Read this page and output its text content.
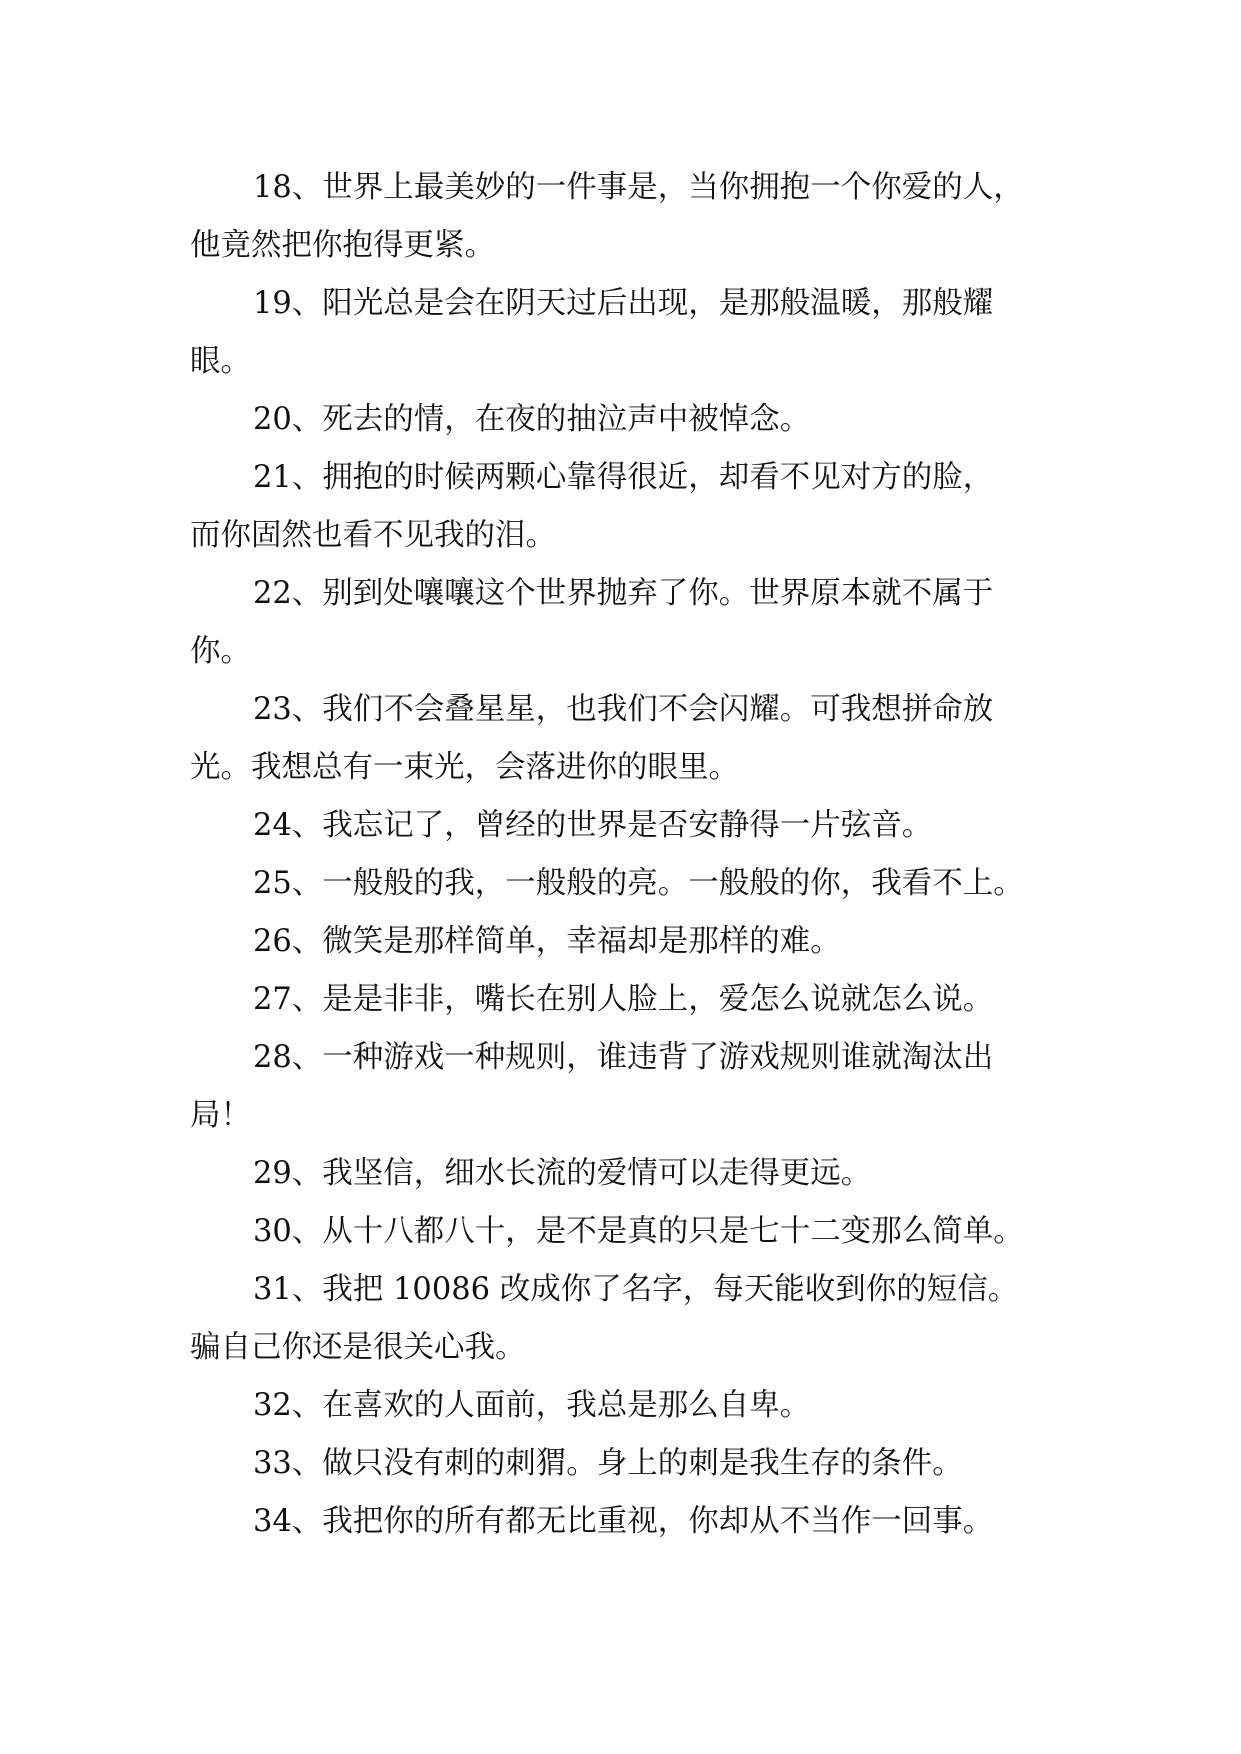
18、世界上最美妙的一件事是，当你拥抱一个你爱的人，
他竟然把你抱得更紧。
19、阳光总是会在阴天过后出现，是那般温暖，那般耀
眼。
20、死去的情，在夜的抽泣声中被悼念。
21、拥抱的时候两颗心靠得很近，却看不见对方的脸，
而你固然也看不见我的泪。
22、别到处嚷嚷这个世界抛弃了你。世界原本就不属于
你。
23、我们不会叠星星，也我们不会闪耀。可我想拼命放
光。我想总有一束光，会落进你的眼里。
24、我忘记了，曾经的世界是否安静得一片弦音。
25、一般般的我，一般般的亮。一般般的你，我看不上。
26、微笑是那样简单，幸福却是那样的难。
27、是是非非，嘴长在别人脸上，爱怎么说就怎么说。
28、一种游戏一种规则，谁违背了游戏规则谁就淘汰出
局！
29、我坚信，细水长流的爱情可以走得更远。
30、从十八都八十，是不是真的只是七十二变那么简单。
31、我把 10086 改成你了名字，每天能收到你的短信。
骗自己你还是很关心我。
32、在喜欢的人面前，我总是那么自卑。
33、做只没有刺的刺猬。身上的刺是我生存的条件。
34、我把你的所有都无比重视，你却从不当作一回事。
